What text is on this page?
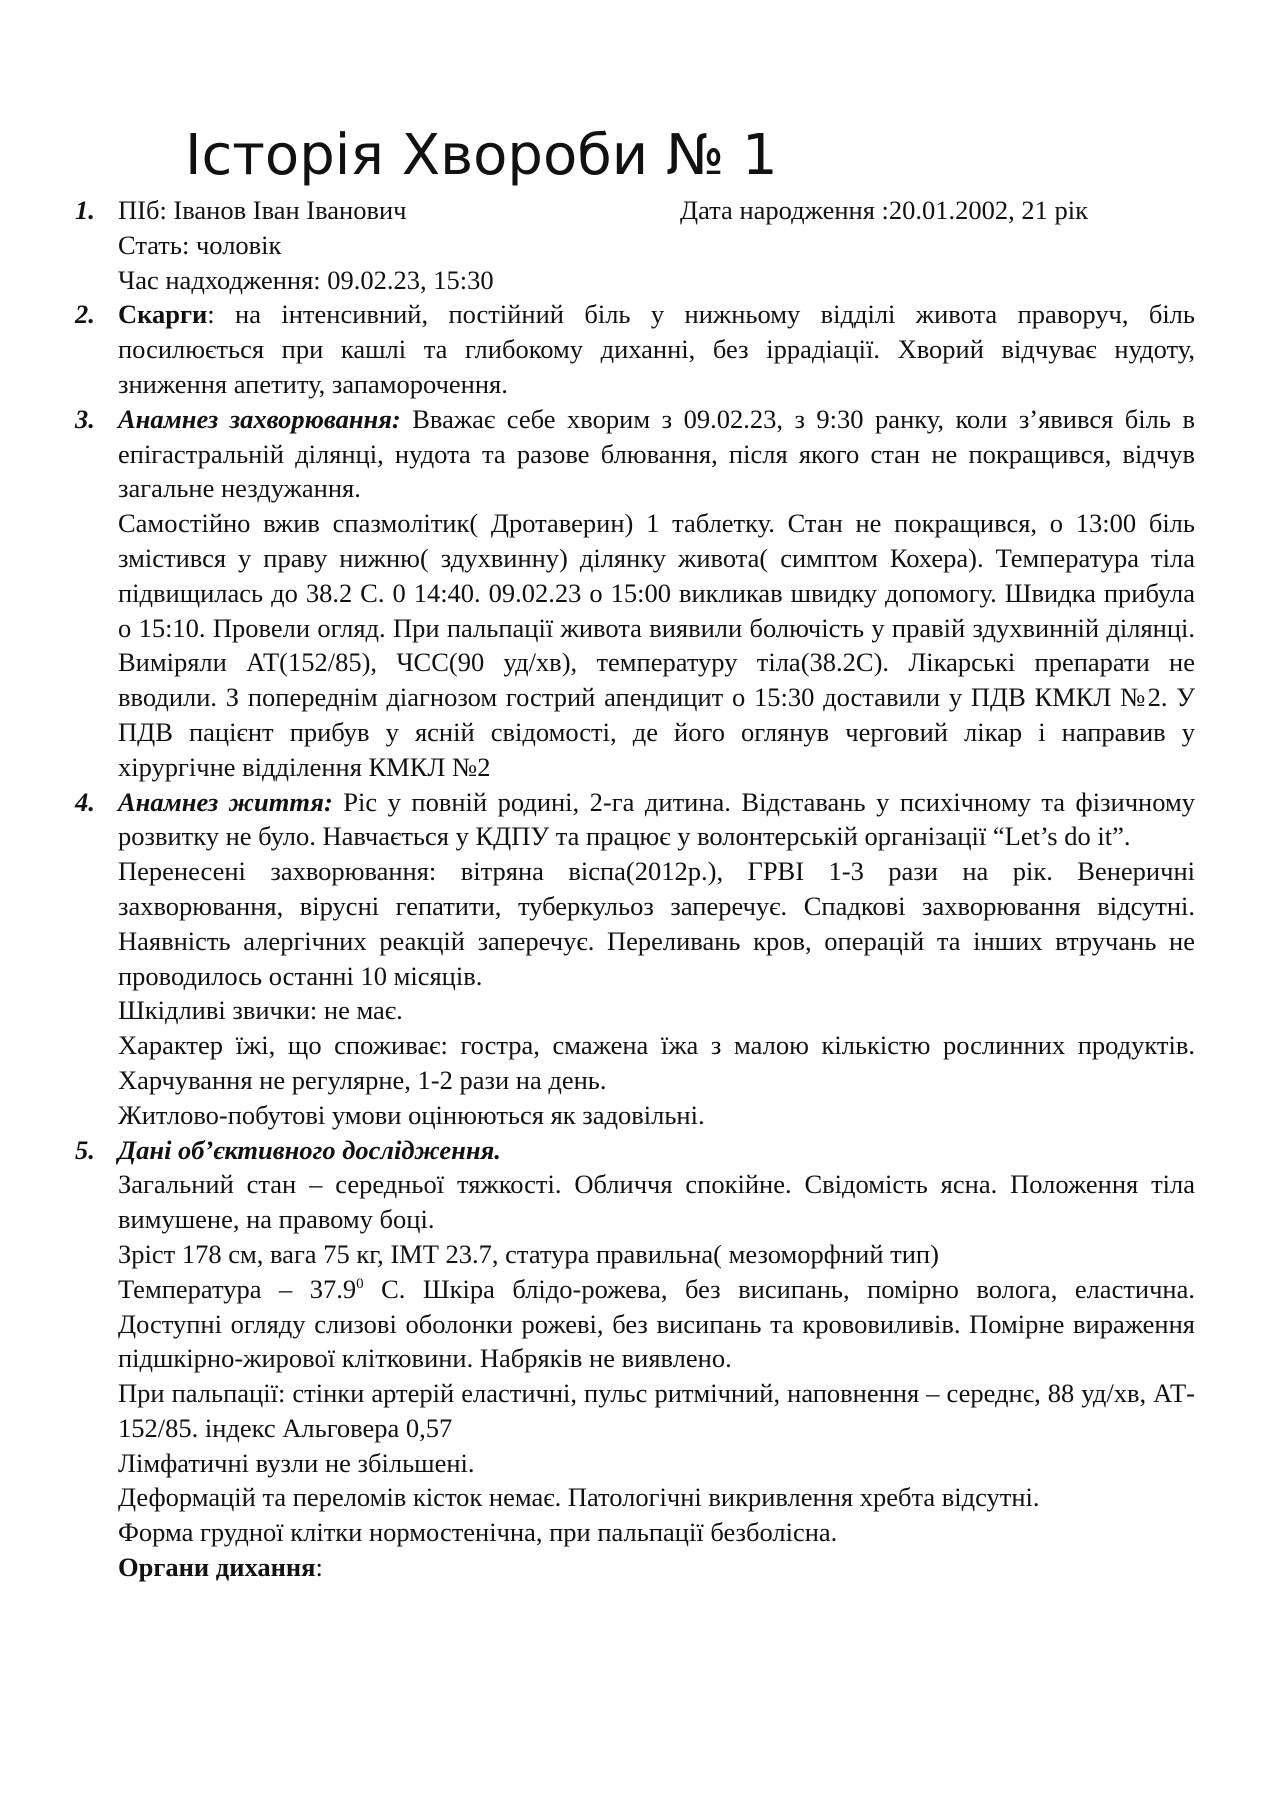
Історія Хвороби № 1
1. ПІб: Іванов Іван Іванович	Дата народження :20.01.2002, 21 рік

Стать: чоловік

Час надходження: 09.02.23, 15:30

2. Скарги: на інтенсивний, постійний біль у нижньому відділі живота праворуч, біль посилюється при кашлі та глибокому диханні, без іррадіації. Хворий відчуває нудоту, зниження апетиту, запаморочення.

3. Анамнез захворювання: Вважає себе хворим з 09.02.23, з 9:30 ранку, коли з’явився біль в епігастральній ділянці, нудота та разове блювання, після якого стан не покращився, відчув загальне нездужання.

Самостійно вжив спазмолітик( Дротаверин) 1 таблетку. Стан не покращився, о 13:00 біль змістився у праву нижню( здухвинну) ділянку живота( симптом Кохера). Температура тіла підвищилась до 38.2 С. 0 14:40. 09.02.23 о 15:00 викликав швидку допомогу. Швидка прибула о 15:10. Провели огляд. При пальпації живота виявили болючість у правій здухвинній ділянці. Виміряли АТ(152/85), ЧСС(90 уд/хв), температуру тіла(38.2С). Лікарські препарати не вводили. З попереднім діагнозом гострий апендицит о 15:30 доставили у ПДВ КМКЛ №2. У ПДВ пацієнт прибув у ясній свідомості, де його оглянув черговий лікар і направив у хірургічне відділення КМКЛ №2

4. Анамнез життя: Ріс у повній родині, 2-га дитина. Відставань у психічному та фізичному розвитку не було. Навчається у КДПУ та працює у волонтерській організації “Let’s do it”.

Перенесені захворювання: вітряна віспа(2012р.), ГРВІ 1-3 рази на рік. Венеричні захворювання, вірусні гепатити, туберкульоз заперечує. Спадкові захворювання відсутні. Наявність алергічних реакцій заперечує. Переливань кров, операцій та інших втручань не проводилось останні 10 місяців.

Шкідливі звички: не має.

Характер їжі, що споживає: гостра, смажена їжа з малою кількістю рослинних продуктів. Харчування не регулярне, 1-2 рази на день.

Житлово-побутові умови оцінюються як задовільні.

5. Дані об’єктивного дослідження.

Загальний стан – середньої тяжкості. Обличчя спокійне. Свідомість ясна. Положення тіла вимушене, на правому боці.

Зріст 178 см, вага 75 кг, ІМТ 23.7, статура правильна( мезоморфний тип)

Температура – 37.9$^0$ С. Шкіра блідо-рожева, без висипань, помірно волога, еластична. Доступні огляду слизові оболонки рожеві, без висипань та крововиливів. Помірне вираження підшкірно-жирової клітковини. Набряків не виявлено.

При пальпації: стінки артерій еластичні, пульс ритмічний, наповнення – середнє, 88 уд/хв, АТ- 152/85. індекс Альговера 0,57

Лімфатичні вузли не збільшені.

Деформацій та переломів кісток немає. Патологічні викривлення хребта відсутні.

Форма грудної клітки нормостенічна, при пальпації безболісна.

Органи дихання:
